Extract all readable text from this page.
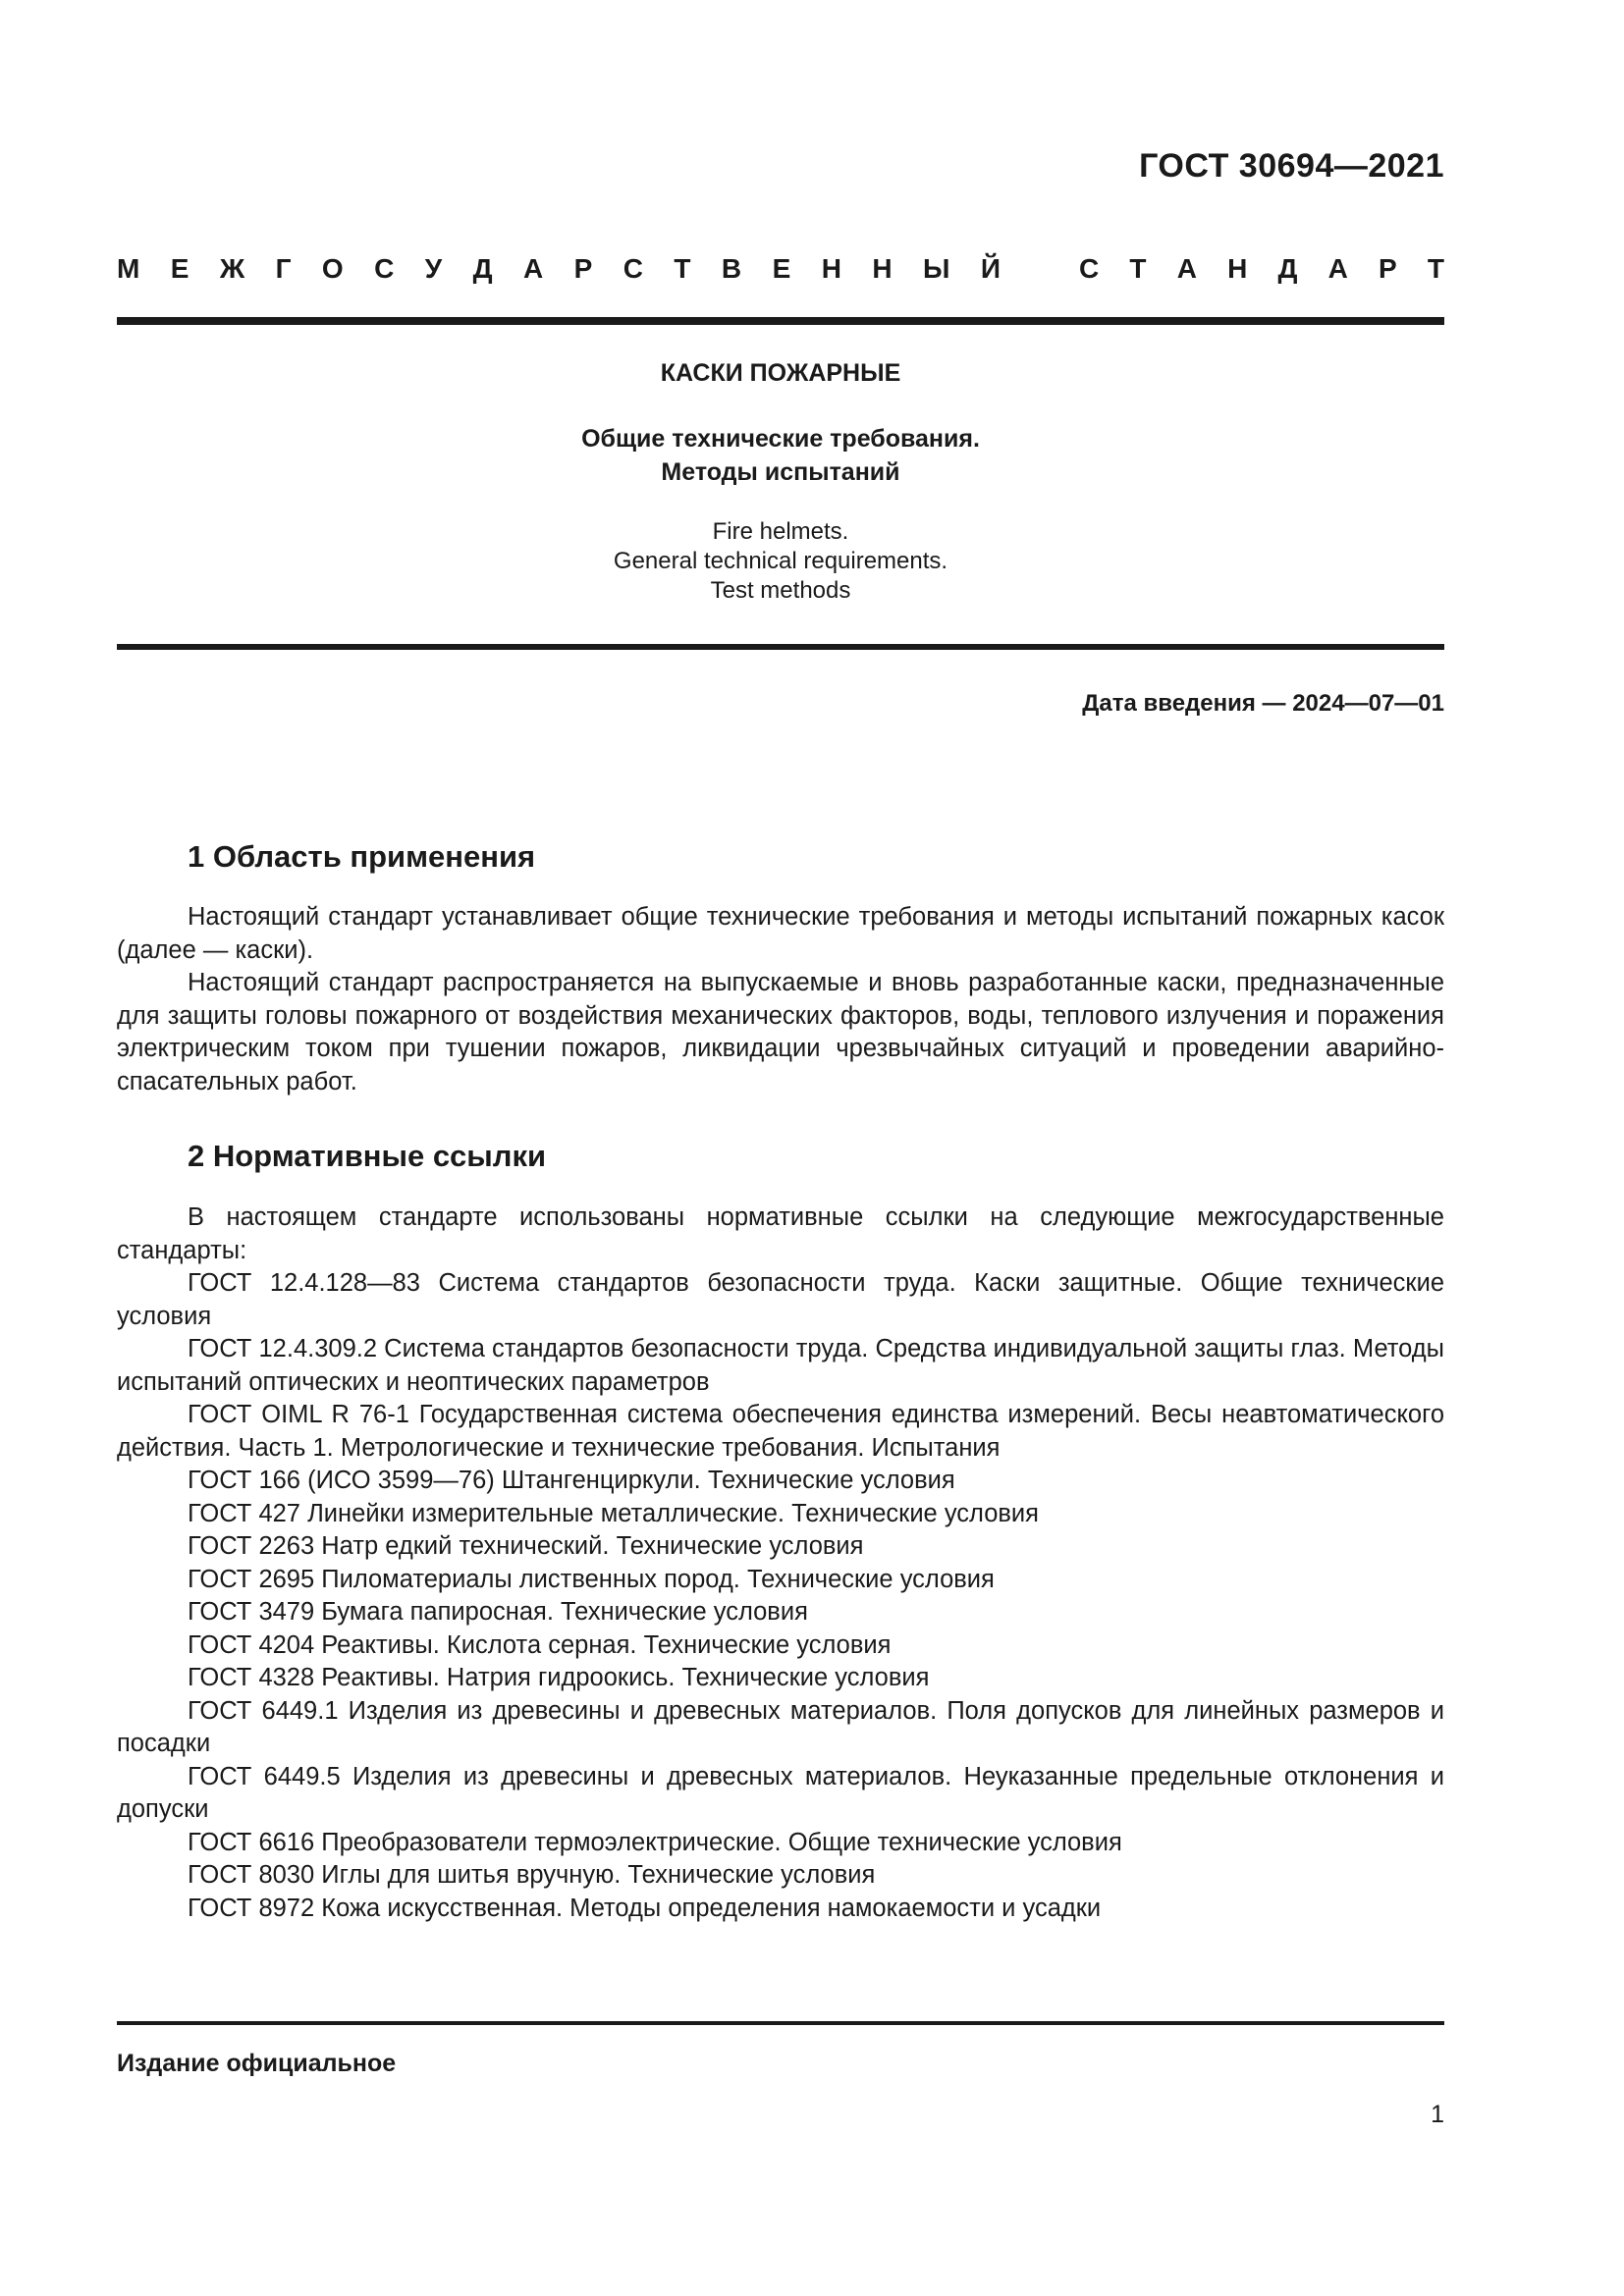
ГОСТ 30694—2021
М Е Ж Г О С У Д А Р С Т В Е Н Н Ы Й	С Т А Н Д А Р Т
КАСКИ ПОЖАРНЫЕ
Общие технические требования.
Методы испытаний
Fire helmets.
General technical requirements.
Test methods
Дата введения — 2024—07—01
1 Область применения
Настоящий стандарт устанавливает общие технические требования и методы испытаний пожарных касок (далее — каски).
Настоящий стандарт распространяется на выпускаемые и вновь разработанные каски, предназначенные для защиты головы пожарного от воздействия механических факторов, воды, теплового излучения и поражения электрическим током при тушении пожаров, ликвидации чрезвычайных ситуаций и проведении аварийно-спасательных работ.
2 Нормативные ссылки
В настоящем стандарте использованы нормативные ссылки на следующие межгосударственные стандарты:
ГОСТ 12.4.128—83 Система стандартов безопасности труда. Каски защитные. Общие технические условия
ГОСТ 12.4.309.2 Система стандартов безопасности труда. Средства индивидуальной защиты глаз. Методы испытаний оптических и неоптических параметров
ГОСТ OIML R 76-1 Государственная система обеспечения единства измерений. Весы неавтоматического действия. Часть 1. Метрологические и технические требования. Испытания
ГОСТ 166 (ИСО 3599—76) Штангенциркули. Технические условия
ГОСТ 427 Линейки измерительные металлические. Технические условия
ГОСТ 2263 Натр едкий технический. Технические условия
ГОСТ 2695 Пиломатериалы лиственных пород. Технические условия
ГОСТ 3479 Бумага папиросная. Технические условия
ГОСТ 4204 Реактивы. Кислота серная. Технические условия
ГОСТ 4328 Реактивы. Натрия гидроокись. Технические условия
ГОСТ 6449.1 Изделия из древесины и древесных материалов. Поля допусков для линейных размеров и посадки
ГОСТ 6449.5 Изделия из древесины и древесных материалов. Неуказанные предельные отклонения и допуски
ГОСТ 6616 Преобразователи термоэлектрические. Общие технические условия
ГОСТ 8030 Иглы для шитья вручную. Технические условия
ГОСТ 8972 Кожа искусственная. Методы определения намокаемости и усадки
Издание официальное
1
